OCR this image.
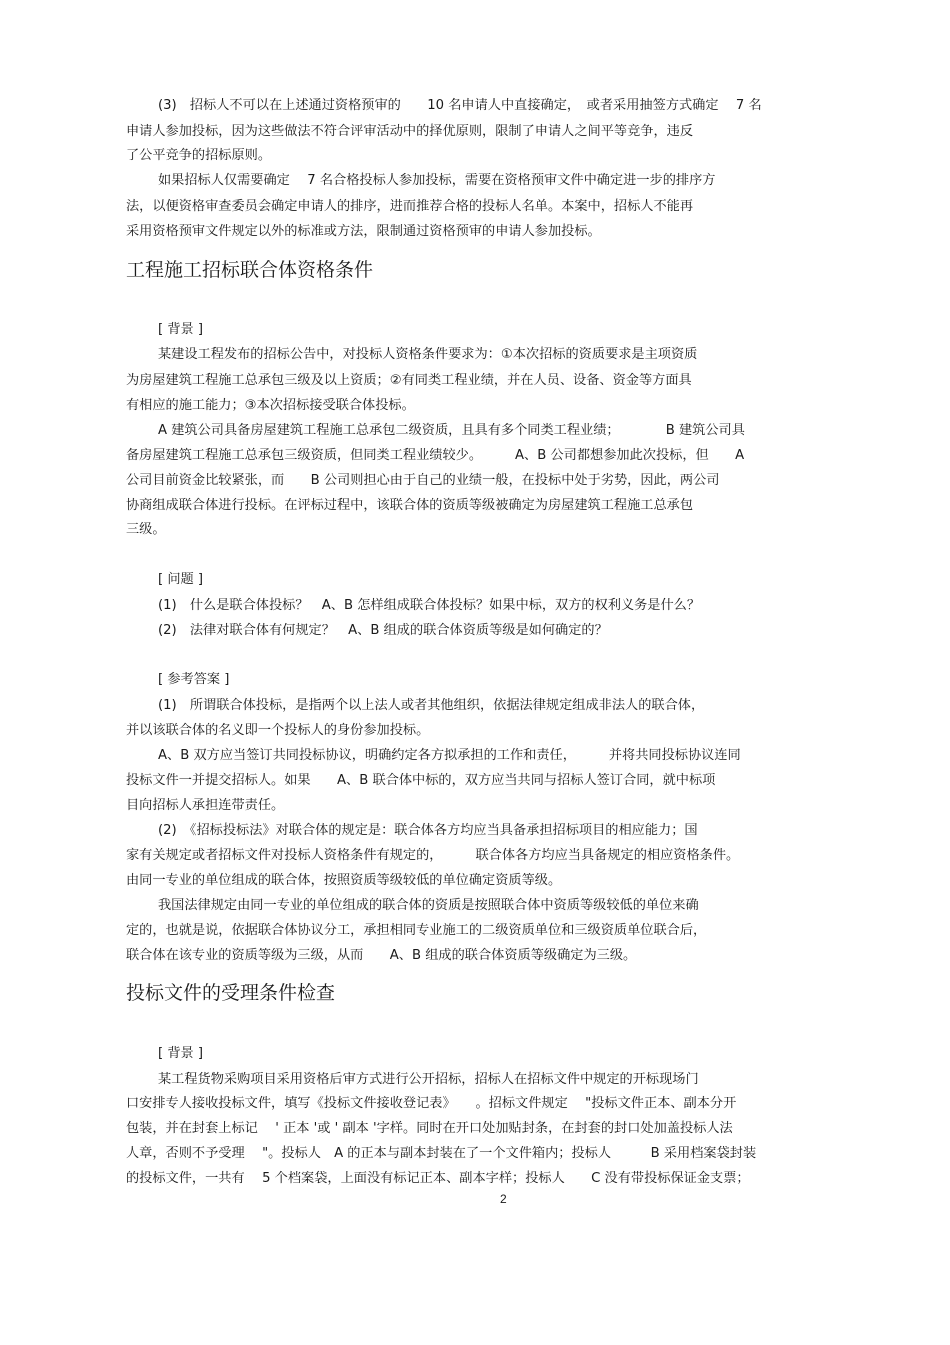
(3)　招标人不可以在上述通过资格预审的　　10 名申请人中直接确定，　或者采用抽签方式确定　 7 名
申请人参加投标，因为这些做法不符合评审活动中的择优原则，限制了申请人之间平等竞争，违反
了公平竞争的招标原则。
如果招标人仅需要确定　 7 名合格投标人参加投标，需要在资格预审文件中确定进一步的排序方
法，以便资格审查委员会确定申请人的排序，进而推荐合格的投标人名单。本案中，招标人不能再
采用资格预审文件规定以外的标准或方法，限制通过资格预审的申请人参加投标。
工程施工招标联合体资格条件
[ 背景 ]
某建设工程发布的招标公告中，对投标人资格条件要求为：①本次招标的资质要求是主项资质
为房屋建筑工程施工总承包三级及以上资质；②有同类工程业绩，并在人员、设备、资金等方面具
有相应的施工能力；③本次招标接受联合体投标。
A 建筑公司具备房屋建筑工程施工总承包二级资质，且具有多个同类工程业绩；　　　　B 建筑公司具
备房屋建筑工程施工总承包三级资质，但同类工程业绩较少。　　　A、B 公司都想参加此次投标，但　　A
公司目前资金比较紧张，而　　B 公司则担心由于自己的业绩一般，在投标中处于劣势，因此，两公司
协商组成联合体进行投标。在评标过程中，该联合体的资质等级被确定为房屋建筑工程施工总承包
三级。
[ 问题 ]
(1)　什么是联合体投标？　A、B 怎样组成联合体投标？如果中标，双方的权利义务是什么？
(2)　法律对联合体有何规定？　A、B 组成的联合体资质等级是如何确定的？
[ 参考答案 ]
(1)　所谓联合体投标，是指两个以上法人或者其他组织，依据法律规定组成非法人的联合体，
并以该联合体的名义即一个投标人的身份参加投标。
A、B 双方应当签订共同投标协议，明确约定各方拟承担的工作和责任，　　　并将共同投标协议连同
投标文件一并提交招标人。如果　　A、B 联合体中标的，双方应当共同与招标人签订合同，就中标项
目向招标人承担连带责任。
(2)　《招标投标法》对联合体的规定是：联合体各方均应当具备承担招标项目的相应能力；国
家有关规定或者招标文件对投标人资格条件有规定的，　　　联合体各方均应当具备规定的相应资格条件。
由同一专业的单位组成的联合体，按照资质等级较低的单位确定资质等级。
我国法律规定由同一专业的单位组成的联合体的资质是按照联合体中资质等级较低的单位来确
定的，也就是说，依据联合体协议分工，承担相同专业施工的二级资质单位和三级资质单位联合后，
联合体在该专业的资质等级为三级，从而　　A、B 组成的联合体资质等级确定为三级。
投标文件的受理条件检查
[ 背景 ]
某工程货物采购项目采用资格后审方式进行公开招标，招标人在招标文件中规定的开标现场门
口安排专人接收投标文件，填写《投标文件接收登记表》　　。招标文件规定　 "投标文件正本、副本分开
包装，并在封套上标记　 ' 正本 '或 ' 副本 '字样。同时在开口处加贴封条，在封套的封口处加盖投标人法
人章，否则不予受理　 "。投标人　A 的正本与副本封装在了一个文件箱内；投标人　　　B 采用档案袋封装
的投标文件，一共有　 5 个档案袋，上面没有标记正本、副本字样；投标人　　C 没有带投标保证金支票；
2
